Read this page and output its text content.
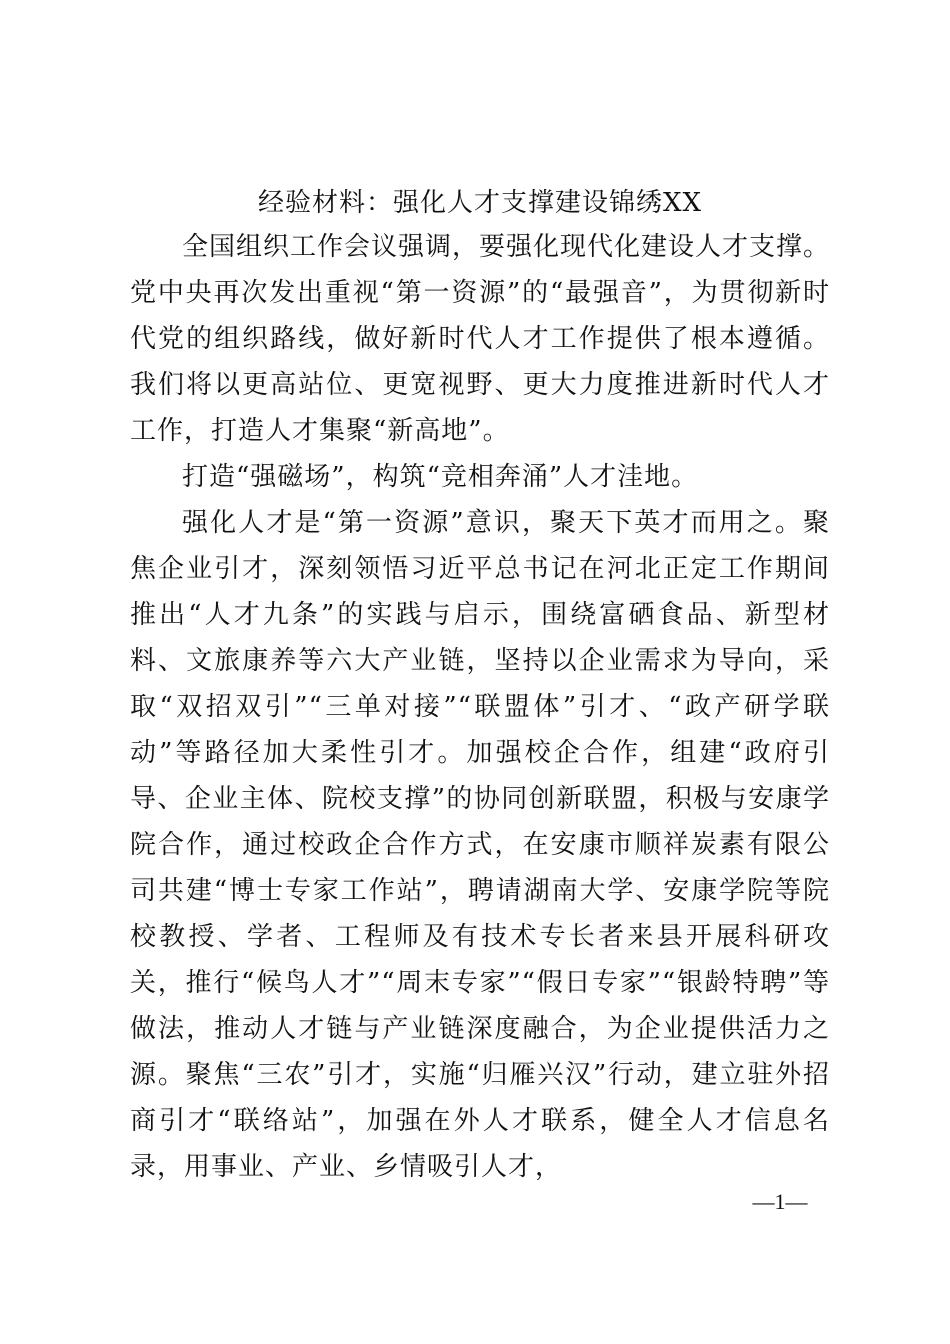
经验材料：强化人才支撑建设锦绣XX

全国组织工作会议强调，要强化现代化建设人才支撑。党中央再次发出重视“第一资源”的“最强音”，为贯彻新时代党的组织路线，做好新时代人才工作提供了根本遵循。我们将以更高站位、更宽视野、更大力度推进新时代人才工作，打造人才集聚“新高地”。

打造“强磁场”，构筑“竞相奔涌”人才洼地。

强化人才是“第一资源”意识，聚天下英才而用之。聚焦企业引才，深刻领悟习近平总书记在河北正定工作期间推出“人才九条”的实践与启示，围绕富硒食品、新型材料、文旅康养等六大产业链，坚持以企业需求为导向，采取“双招双引”“三单对接”“联盟体”引才、“政产研学联动”等路径加大柔性引才。加强校企合作，组建“政府引导、企业主体、院校支撑”的协同创新联盟，积极与安康学院合作，通过校政企合作方式，在安康市顺祥炭素有限公司共建“博士专家工作站”，聘请湖南大学、安康学院等院校教授、学者、工程师及有技术专长者来县开展科研攻关，推行“候鸟人才”“周末专家”“假日专家”“银龄特聘”等做法，推动人才链与产业链深度融合，为企业提供活力之源。聚焦“三农”引才，实施“归雁兴汉”行动，建立驻外招商引才“联络站”，加强在外人才联系，健全人才信息名录，用事业、产业、乡情吸引人才，

—1—
